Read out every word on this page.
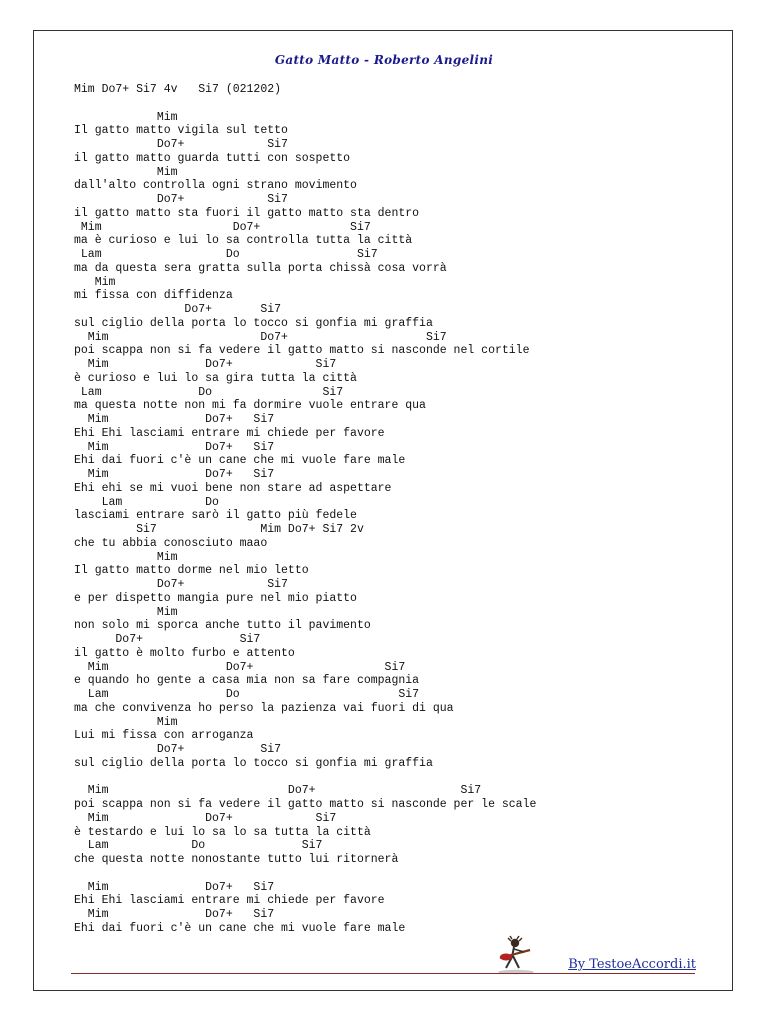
Gatto Matto - Roberto Angelini
Mim Do7+ Si7 4v   Si7 (021202)

Mim
Il gatto matto vigila sul tetto
Do7+            Si7
il gatto matto guarda tutti con sospetto
Mim
dall'alto controlla ogni strano movimento
Do7+            Si7
il gatto matto sta fuori il gatto matto sta dentro
Mim                   Do7+             Si7
ma è curioso e lui lo sa controlla tutta la città
Lam                  Do                 Si7
ma da questa sera gratta sulla porta chissà cosa vorrà
Mim
mi fissa con diffidenza
Do7+       Si7
sul ciglio della porta lo tocco si gonfia mi graffia
Mim                      Do7+                    Si7
poi scappa non si fa vedere il gatto matto si nasconde nel cortile
Mim              Do7+            Si7
è curioso e lui lo sa gira tutta la città
Lam              Do                Si7
ma questa notte non mi fa dormire vuole entrare qua
Mim              Do7+   Si7
Ehi Ehi lasciami entrare mi chiede per favore
Mim              Do7+   Si7
Ehi dai fuori c'è un cane che mi vuole fare male
Mim              Do7+   Si7
Ehi ehi se mi vuoi bene non stare ad aspettare
Lam            Do
lasciami entrare sarò il gatto più fedele
Si7               Mim Do7+ Si7 2v
che tu abbia conosciuto maao
Mim
Il gatto matto dorme nel mio letto
Do7+            Si7
e per dispetto mangia pure nel mio piatto
Mim
non solo mi sporca anche tutto il pavimento
Do7+              Si7
il gatto è molto furbo e attento
Mim                 Do7+                   Si7
e quando ho gente a casa mia non sa fare compagnia
Lam                 Do                       Si7
ma che convivenza ho perso la pazienza vai fuori di qua
Mim
Lui mi fissa con arroganza
Do7+           Si7
sul ciglio della porta lo tocco si gonfia mi graffia

Mim                          Do7+                     Si7
poi scappa non si fa vedere il gatto matto si nasconde per le scale
Mim              Do7+            Si7
è testardo e lui lo sa lo sa tutta la città
Lam            Do              Si7
che questa notte nonostante tutto lui ritornerà

Mim              Do7+   Si7
Ehi Ehi lasciami entrare mi chiede per favore
Mim              Do7+   Si7
Ehi dai fuori c'è un cane che mi vuole fare male
By TestoeAccordi.it
